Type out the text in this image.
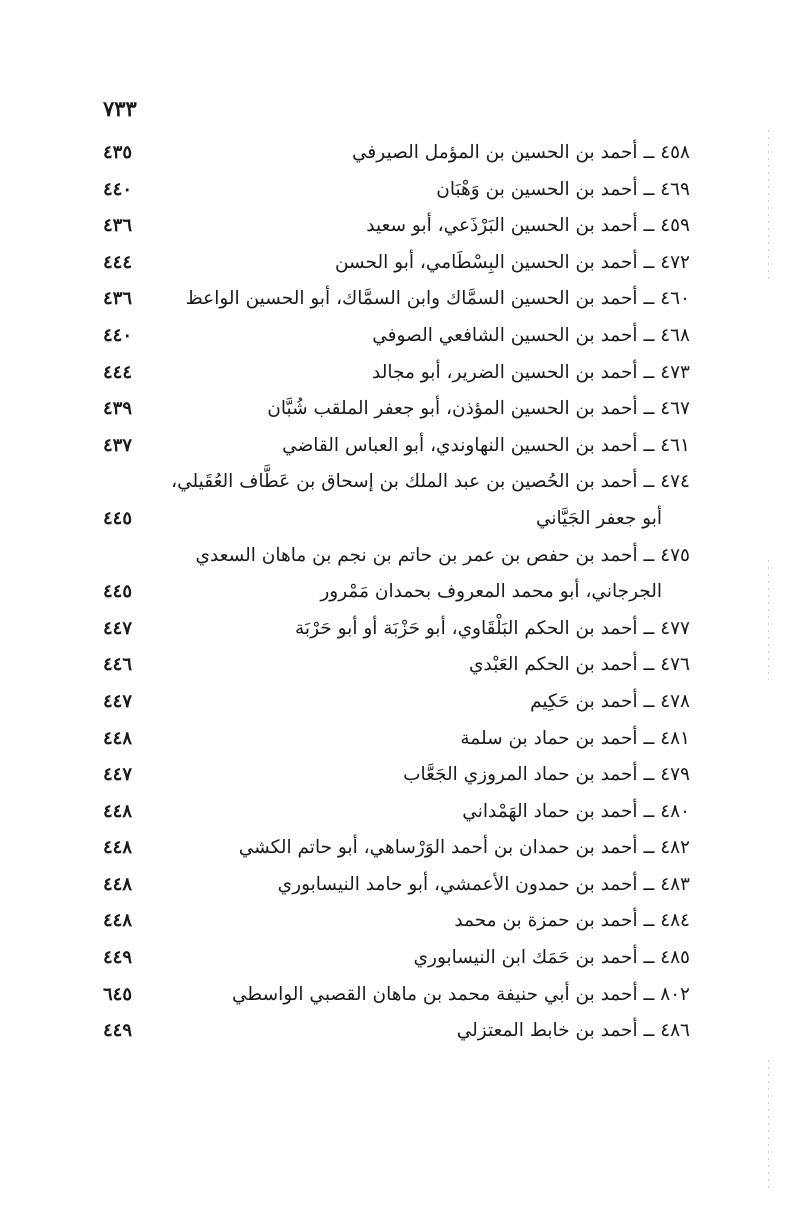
٧٣٣
٤٥٨ ــ أحمد بن الحسين بن المؤمل الصيرفي
٤٣٥
٤٦٩ ــ أحمد بن الحسين بن وَهْبَان
٤٤٠
٤٥٩ ــ أحمد بن الحسين البَرْذَعي، أبو سعيد
٤٣٦
٤٧٢ ــ أحمد بن الحسين البِسْطَامي، أبو الحسن
٤٤٤
٤٦٠ ــ أحمد بن الحسين السمَّاك وابن السمَّاك، أبو الحسين الواعظ
٤٣٦
٤٦٨ ــ أحمد بن الحسين الشافعي الصوفي
٤٤٠
٤٧٣ ــ أحمد بن الحسين الضرير، أبو مجالد
٤٤٤
٤٦٧ ــ أحمد بن الحسين المؤذن، أبو جعفر الملقب شُبَّان
٤٣٩
٤٦١ ــ أحمد بن الحسين النهاوندي، أبو العباس القاضي
٤٣٧
٤٧٤ ــ أحمد بن الحُصين بن عبد الملك بن إسحاق بن عَطَّاف العُقَيلي،
أبو جعفر الجَيَّاني
٤٤٥
٤٧٥ ــ أحمد بن حفص بن عمر بن حاتم بن نجم بن ماهان السعدي
الجرجاني، أبو محمد المعروف بحمدان مَمْرور
٤٤٥
٤٧٧ ــ أحمد بن الحكم البَلْقَاوي، أبو حَزْبَة أو أبو حَرْبَة
٤٤٧
٤٧٦ ــ أحمد بن الحكم العَبْدي
٤٤٦
٤٧٨ ــ أحمد بن حَكِيم
٤٤٧
٤٨١ ــ أحمد بن حماد بن سلمة
٤٤٨
٤٧٩ ــ أحمد بن حماد المروزي الجَعَّاب
٤٤٧
٤٨٠ ــ أحمد بن حماد الهَمْداني
٤٤٨
٤٨٢ ــ أحمد بن حمدان بن أحمد الوَرْساهي، أبو حاتم الكشي
٤٤٨
٤٨٣ ــ أحمد بن حمدون الأعمشي، أبو حامد النيسابوري
٤٤٨
٤٨٤ ــ أحمد بن حمزة بن محمد
٤٤٨
٤٨٥ ــ أحمد بن حَمَك ابن النيسابوري
٤٤٩
٨٠٢ ــ أحمد بن أبي حنيفة محمد بن ماهان القصبي الواسطي
٦٤٥
٤٨٦ ــ أحمد بن خابط المعتزلي
٤٤٩
